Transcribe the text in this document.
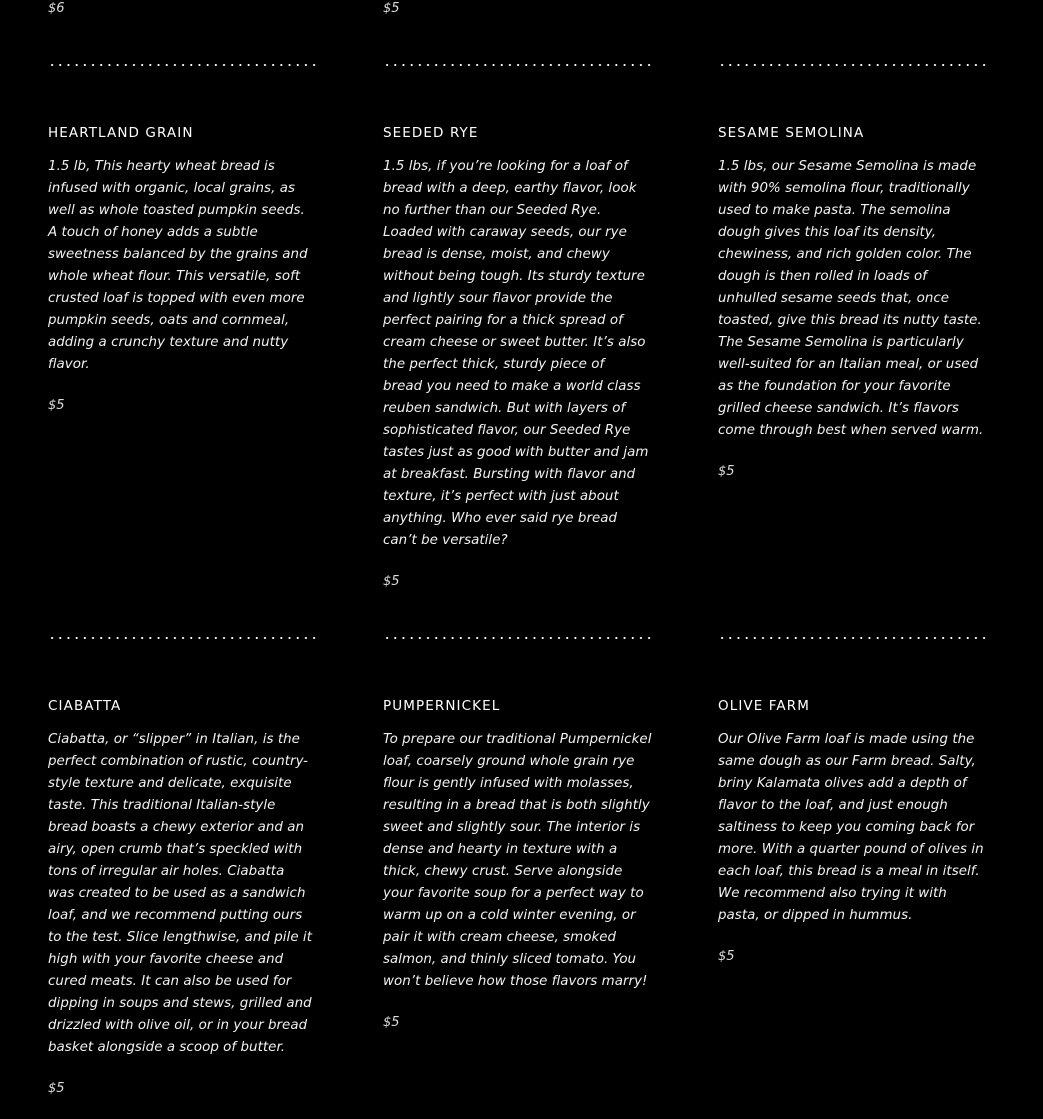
$6	$5
HEARTLAND GRAIN
1.5 lb, This hearty wheat bread is
infused with organic, local grains, as
well as whole toasted pumpkin seeds.
A touch of honey adds a subtle
sweetness balanced by the grains and
whole wheat flour. This versatile, soft
crusted loaf is topped with even more
pumpkin seeds, oats and cornmeal,
adding a crunchy texture and nutty
flavor.
$5
SEEDED RYE
1.5 lbs, if you’re looking for a loaf of
bread with a deep, earthy flavor, look
no further than our Seeded Rye.
Loaded with caraway seeds, our rye
bread is dense, moist, and chewy
without being tough. Its sturdy texture
and lightly sour flavor provide the
perfect pairing for a thick spread of
cream cheese or sweet butter. It’s also
the perfect thick, sturdy piece of
bread you need to make a world class
reuben sandwich. But with layers of
sophisticated flavor, our Seeded Rye
tastes just as good with butter and jam
at breakfast. Bursting with flavor and
texture, it’s perfect with just about
anything. Who ever said rye bread
can’t be versatile?
$5
SESAME SEMOLINA
1.5 lbs, our Sesame Semolina is made
with 90% semolina flour, traditionally
used to make pasta. The semolina
dough gives this loaf its density,
chewiness, and rich golden color. The
dough is then rolled in loads of
unhulled sesame seeds that, once
toasted, give this bread its nutty taste.
The Sesame Semolina is particularly
well-suited for an Italian meal, or used
as the foundation for your favorite
grilled cheese sandwich. It’s flavors
come through best when served warm.
$5
CIABATTA
Ciabatta, or “slipper” in Italian, is the
perfect combination of rustic, country-
style texture and delicate, exquisite
taste. This traditional Italian-style
bread boasts a chewy exterior and an
airy, open crumb that’s speckled with
tons of irregular air holes. Ciabatta
was created to be used as a sandwich
loaf, and we recommend putting ours
to the test. Slice lengthwise, and pile it
high with your favorite cheese and
cured meats. It can also be used for
dipping in soups and stews, grilled and
drizzled with olive oil, or in your bread
basket alongside a scoop of butter.
$5
PUMPERNICKEL
To prepare our traditional Pumpernickel
loaf, coarsely ground whole grain rye
flour is gently infused with molasses,
resulting in a bread that is both slightly
sweet and slightly sour. The interior is
dense and hearty in texture with a
thick, chewy crust. Serve alongside
your favorite soup for a perfect way to
warm up on a cold winter evening, or
pair it with cream cheese, smoked
salmon, and thinly sliced tomato. You
won’t believe how those flavors marry!
$5
OLIVE FARM
Our Olive Farm loaf is made using the
same dough as our Farm bread. Salty,
briny Kalamata olives add a depth of
flavor to the loaf, and just enough
saltiness to keep you coming back for
more. With a quarter pound of olives in
each loaf, this bread is a meal in itself.
We recommend also trying it with
pasta, or dipped in hummus.
$5
